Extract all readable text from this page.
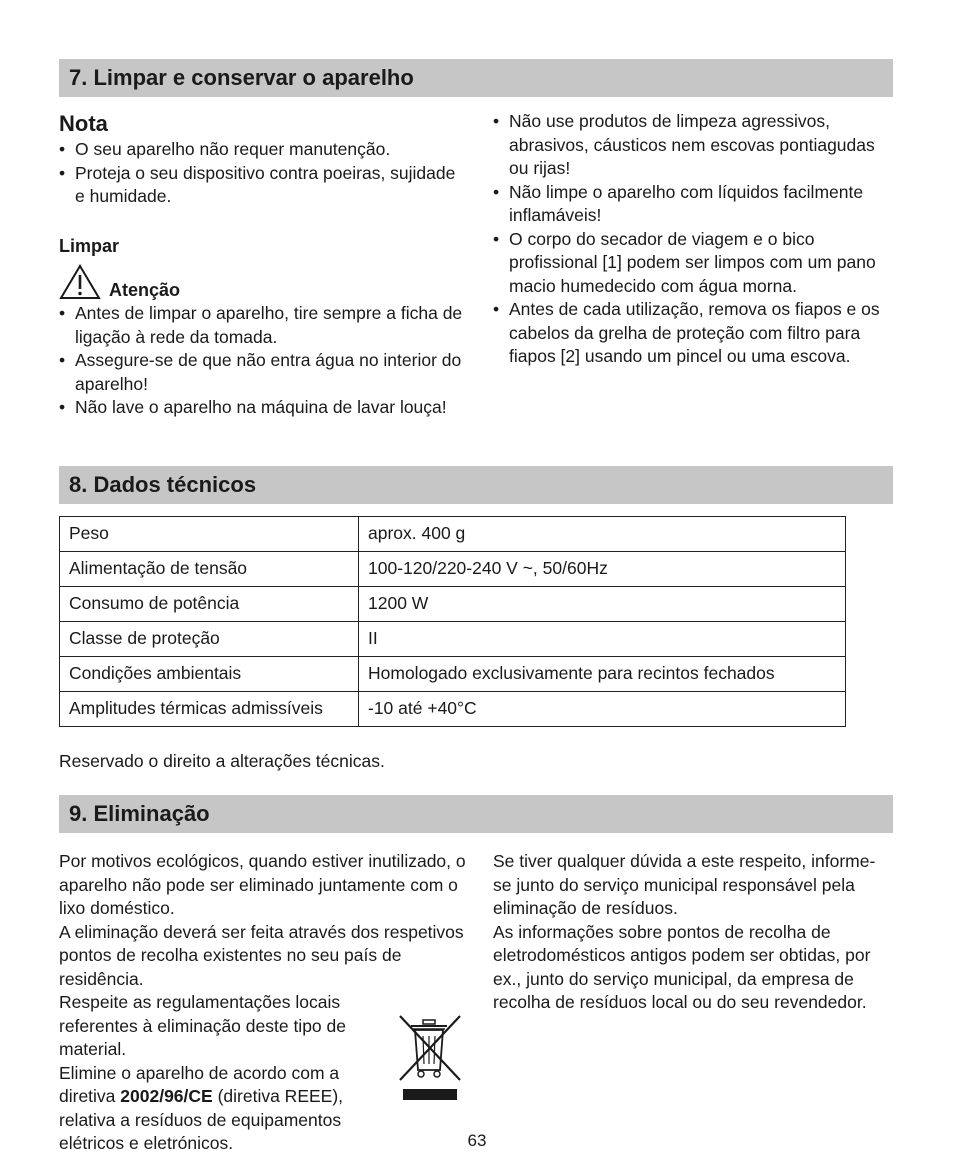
7. Limpar e conservar o aparelho
Nota
• O seu aparelho não requer manutenção.
• Proteja o seu dispositivo contra poeiras, sujidade e humidade.
Limpar
Atenção
• Antes de limpar o aparelho, tire sempre a ficha de ligação à rede da tomada.
• Assegure-se de que não entra água no interior do aparelho!
• Não lave o aparelho na máquina de lavar louça!
• Não use produtos de limpeza agressivos, abrasivos, cáusticos nem escovas pontiagudas ou rijas!
• Não limpe o aparelho com líquidos facilmente inflamáveis!
• O corpo do secador de viagem e o bico profissional [1] podem ser limpos com um pano macio humedecido com água morna.
• Antes de cada utilização, remova os fiapos e os cabelos da grelha de proteção com filtro para fiapos [2] usando um pincel ou uma escova.
8. Dados técnicos
Peso	aprox. 400 g
Alimentação de tensão	100-120/220-240 V ~, 50/60Hz
Consumo de potência	1200 W
Classe de proteção	II
Condições ambientais	Homologado exclusivamente para recintos fechados
Amplitudes térmicas admissíveis	-10 até +40°C
Reservado o direito a alterações técnicas.
9. Eliminação

Por motivos ecológicos, quando estiver inutilizado, o aparelho não pode ser eliminado juntamente com o lixo doméstico.

A eliminação deverá ser feita através dos respetivos pontos de recolha existentes no seu país de residência.

Respeite as regulamentações locais referentes à eliminação deste tipo de material.

Elimine o aparelho de acordo com a diretiva 2002/96/CE (diretiva REEE), relativa a resíduos de equipamentos elétricos e eletrónicos.

Se tiver qualquer dúvida a este respeito, informe-se junto do serviço municipal responsável pela eliminação de resíduos.

As informações sobre pontos de recolha de eletrodomésticos antigos podem ser obtidas, por ex., junto do serviço municipal, da empresa de recolha de resíduos local ou do seu revendedor.

63
